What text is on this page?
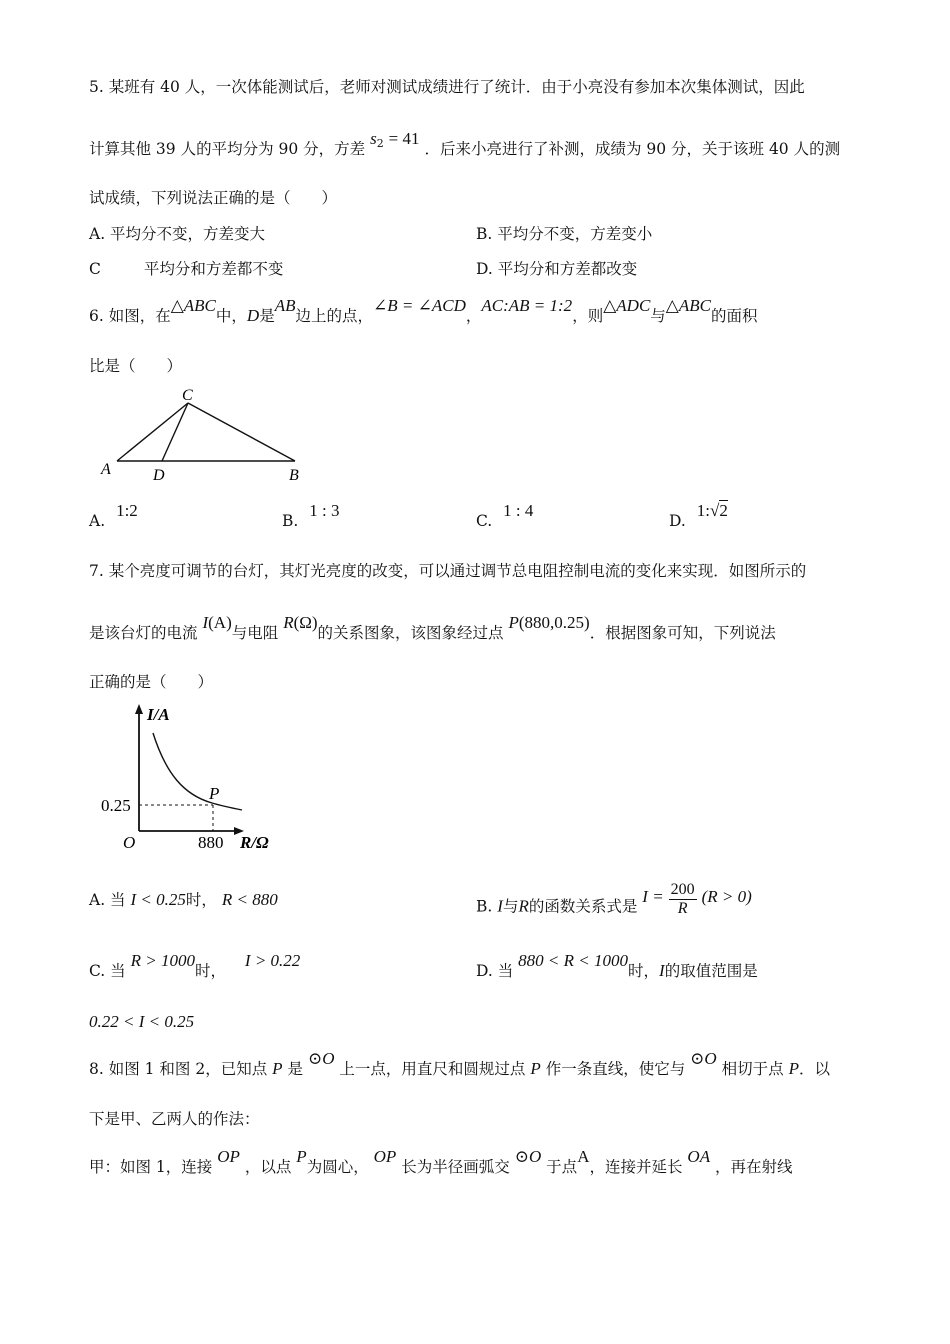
5. 某班有 40 人，一次体能测试后，老师对测试成绩进行了统计．由于小亮没有参加本次集体测试，因此
计算其他 39 人的平均分为 90 分，方差 $s^2 = 41$ ．后来小亮进行了补测，成绩为 90 分，关于该班 40 人的测
试成绩，下列说法正确的是（　　）
A. 平均分不变，方差变大	B. 平均分不变，方差变小
C	平均分和方差都不变	D. 平均分和方差都改变
6. 如图，在△ABC中，D是AB边上的点，∠B = ∠ACD，AC:AB = 1:2，则△ADC与△ABC的面积
比是（　　）
C
A	D	B
A. 1:2
B. 1 : 3
C. 1 : 4
D. 1:√2
7. 某个亮度可调节的台灯，其灯光亮度的改变，可以通过调节总电阻控制电流的变化来实现．如图所示的
是该台灯的电流 I(A)与电阻 R(Ω)的关系图象，该图象经过点 P(880,0.25)．根据图象可知，下列说法
正确的是（　　）
I/A
R/Ω
O
0.25
880
P
A. 当 I < 0.25时， R < 880	B. I与R的函数关系式是 $I = \frac{200}{R} (R > 0)$
C. 当 R > 1000时， I > 0.22
D. 当 880 < R < 1000时，I的取值范围是
0.22 < I < 0.25
8. 如图 1 和图 2，已知点 P 是 ⊙O 上一点，用直尺和圆规过点 P 作一条直线，使它与 ⊙O 相切于点 P．以
下是甲、乙两人的作法：
甲：如图 1，连接 OP ，以点 P为圆心， OP 长为半径画弧交 ⊙O 于点A，连接并延长 OA ，再在射线
